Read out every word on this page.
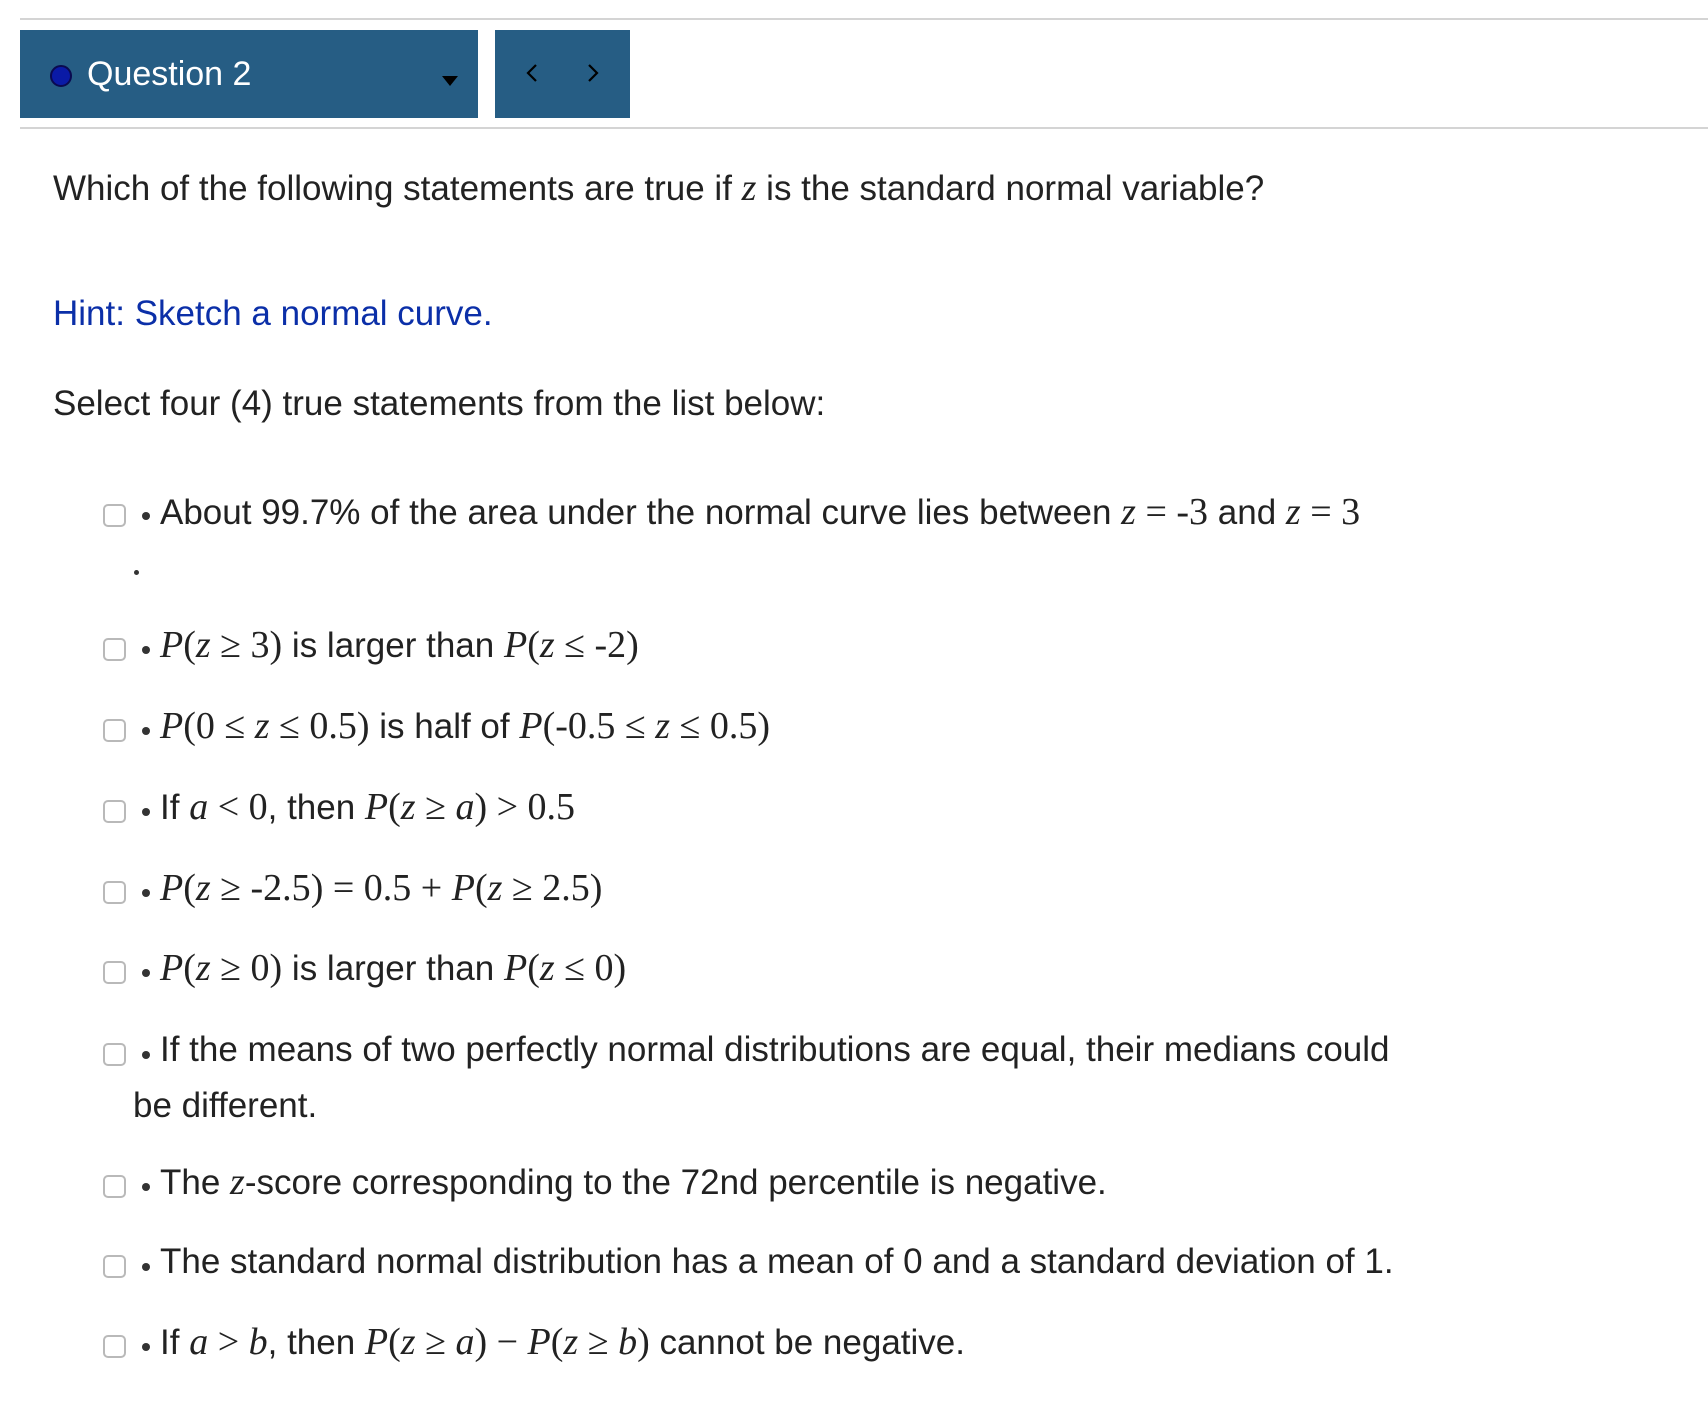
Question 2
Which of the following statements are true if z is the standard normal variable?
Hint: Sketch a normal curve.
Select four (4) true statements from the list below:
About 99.7% of the area under the normal curve lies between z = -3 and z = 3
P(z ≥ 3) is larger than P(z ≤ -2)
P(0 ≤ z ≤ 0.5) is half of P(-0.5 ≤ z ≤ 0.5)
If a < 0, then P(z ≥ a) > 0.5
P(z ≥ -2.5) = 0.5 + P(z ≥ 2.5)
P(z ≥ 0) is larger than P(z ≤ 0)
If the means of two perfectly normal distributions are equal, their medians could
be different.
The z-score corresponding to the 72nd percentile is negative.
The standard normal distribution has a mean of 0 and a standard deviation of 1.
If a > b, then P(z ≥ a) − P(z ≥ b) cannot be negative.
